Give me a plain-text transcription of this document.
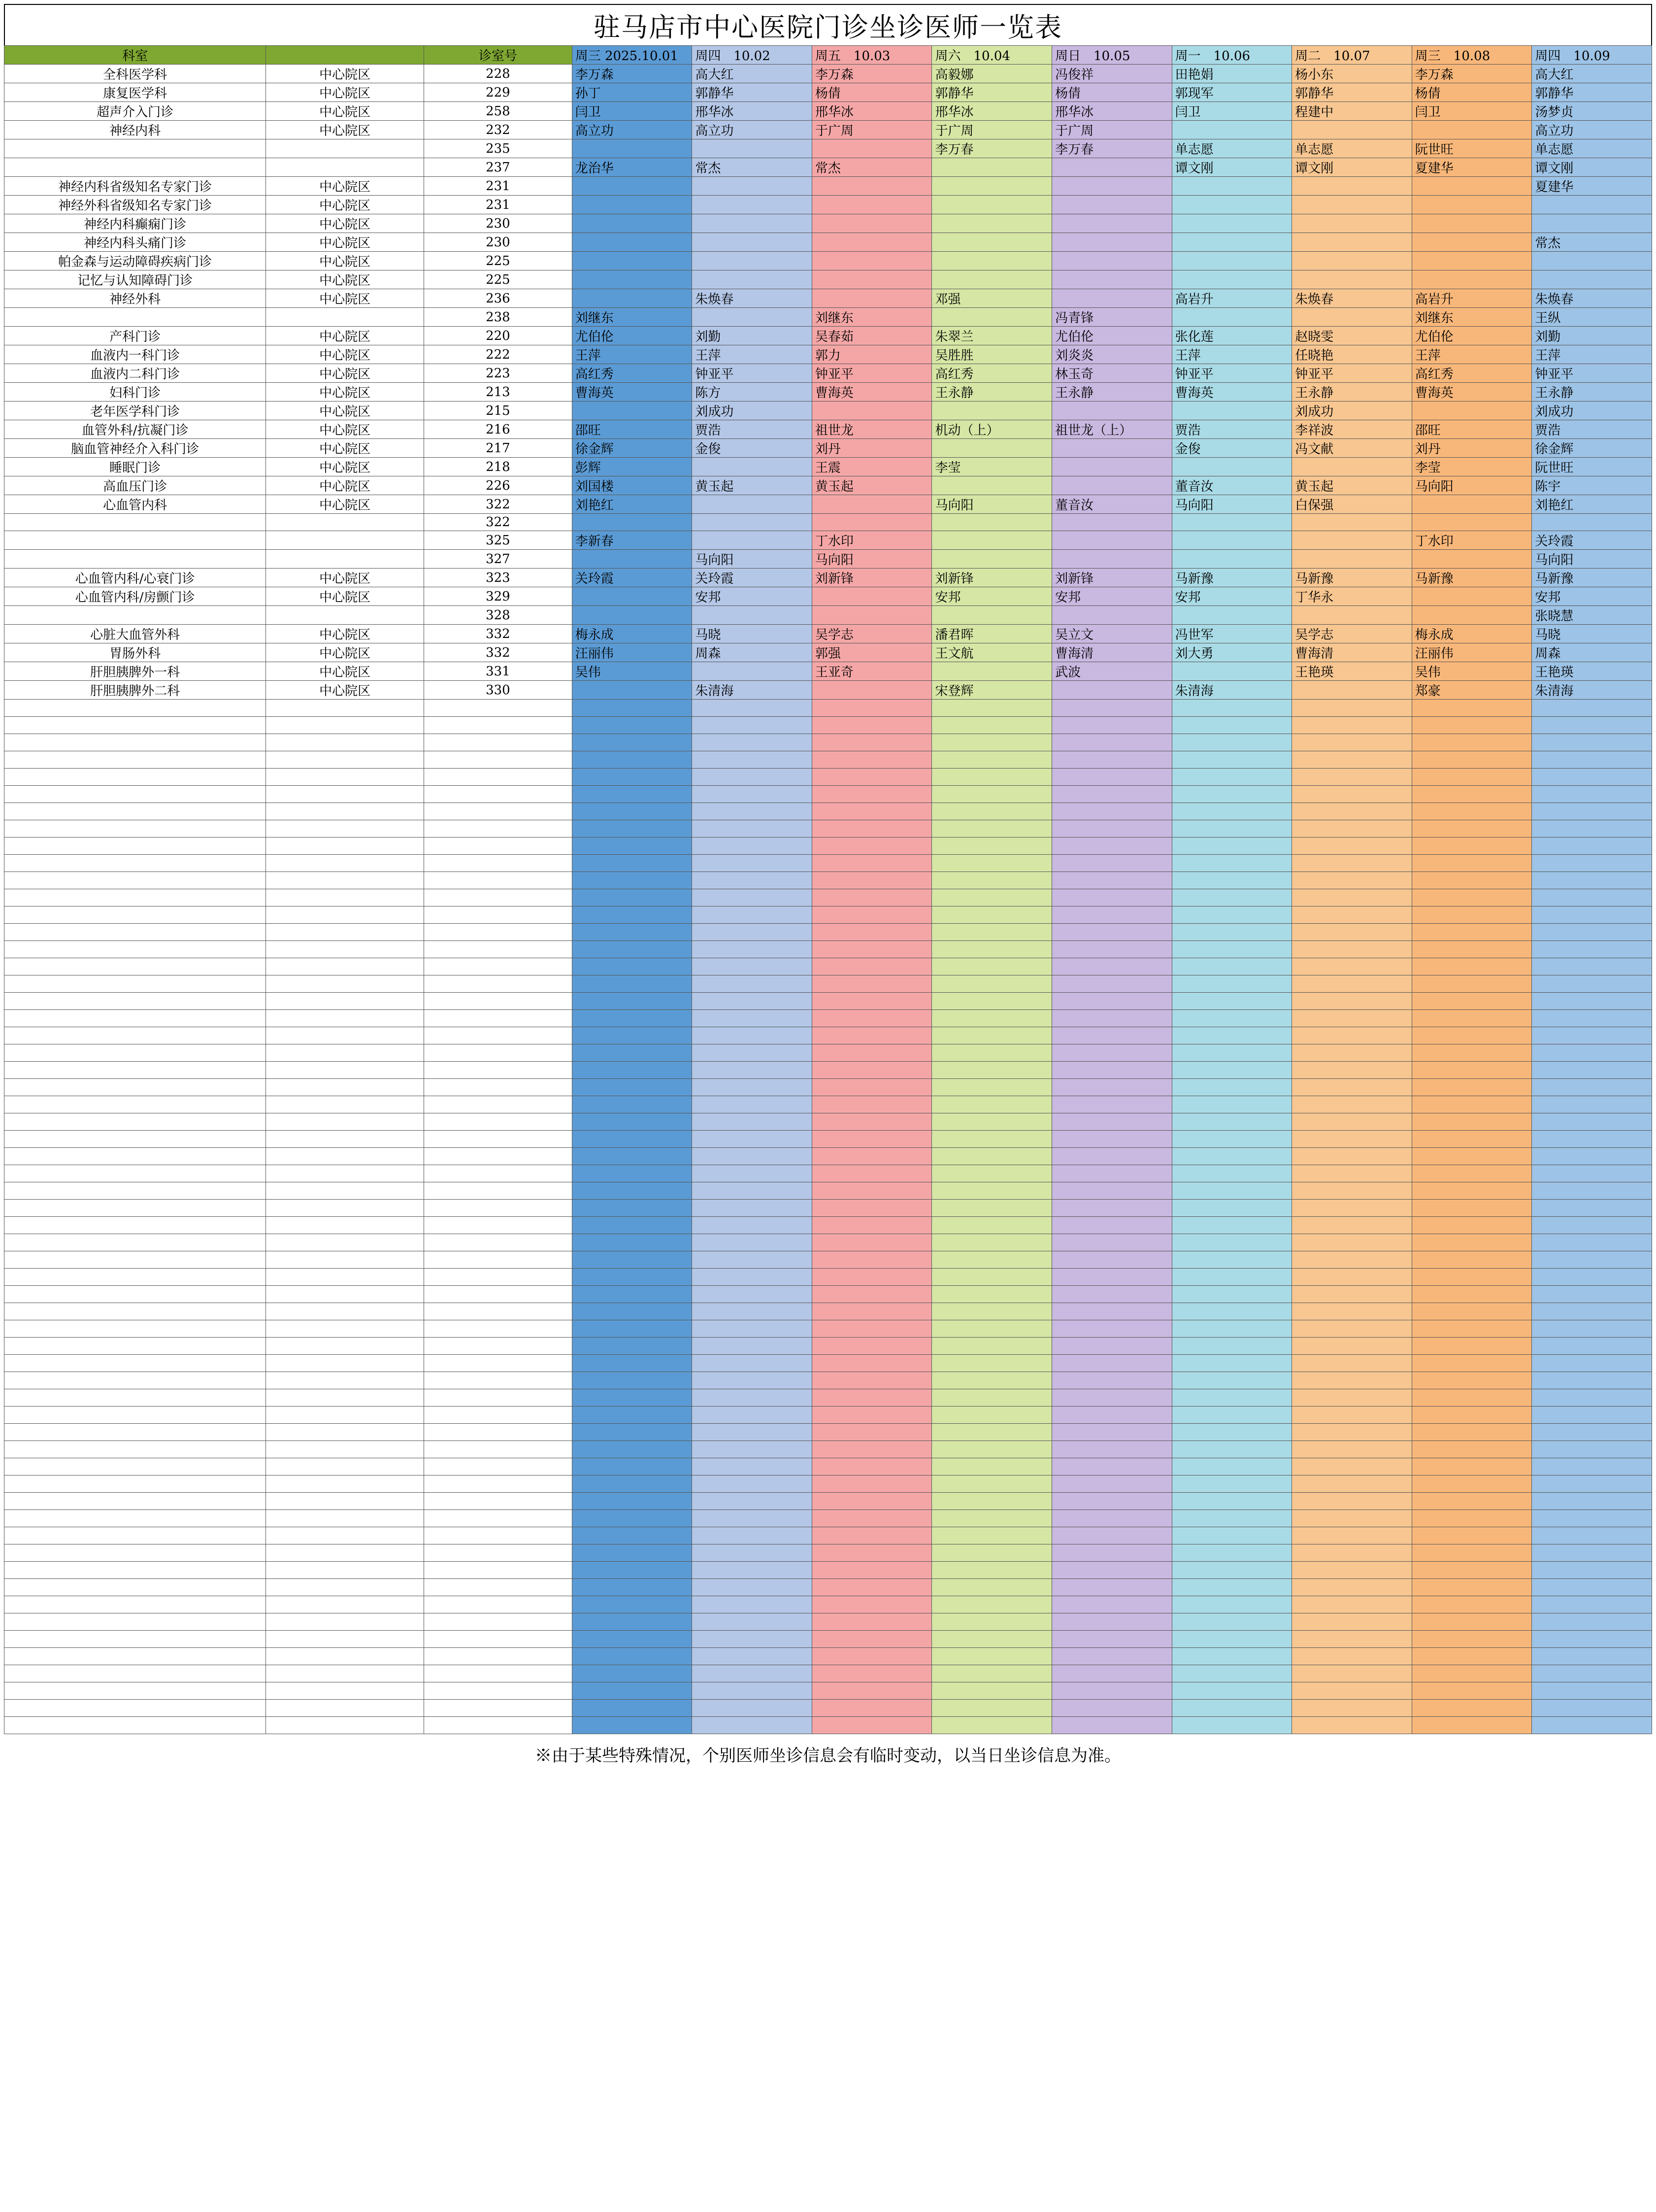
驻马店市中心医院门诊坐诊医师一览表
科室		诊室号	周三 2025.10.01	周四　10.02	周五　10.03	周六　10.04	周日　10.05	周一　10.06	周二　10.07	周三　10.08	周四　10.09
全科医学科	中心院区	228	李万森	高大红	李万森	高毅娜	冯俊祥	田艳娟	杨小东	李万森	高大红
康复医学科	中心院区	229	孙丁	郭静华	杨倩	郭静华	杨倩	郭现军	郭静华	杨倩	郭静华
超声介入门诊	中心院区	258	闫卫	邢华冰	邢华冰	邢华冰	邢华冰	闫卫	程建中	闫卫	汤梦贞
神经内科	中心院区	232	高立功	高立功	于广周	于广周	于广周				高立功
		235				李万春	李万春	单志愿	单志愿	阮世旺	单志愿
		237	龙治华	常杰	常杰			谭文刚	谭文刚	夏建华	谭文刚
神经内科省级知名专家门诊	中心院区	231									夏建华
神经外科省级知名专家门诊	中心院区	231									
神经内科癫痫门诊	中心院区	230									
神经内科头痛门诊	中心院区	230									常杰
帕金森与运动障碍疾病门诊	中心院区	225									
记忆与认知障碍门诊	中心院区	225									
神经外科	中心院区	236		朱焕春		邓强		高岩升	朱焕春	高岩升	朱焕春
		238	刘继东		刘继东		冯青锋			刘继东	王纵
产科门诊	中心院区	220	尤伯伦	刘勤	吴春茹	朱翠兰	尤伯伦	张化莲	赵晓雯	尤伯伦	刘勤
血液内一科门诊	中心院区	222	王萍	王萍	郭力	吴胜胜	刘炎炎	王萍	任晓艳	王萍	王萍
血液内二科门诊	中心院区	223	高红秀	钟亚平	钟亚平	高红秀	林玉奇	钟亚平	钟亚平	高红秀	钟亚平
妇科门诊	中心院区	213	曹海英	陈方	曹海英	王永静	王永静	曹海英	王永静	曹海英	王永静
老年医学科门诊	中心院区	215		刘成功					刘成功		刘成功
血管外科/抗凝门诊	中心院区	216	邵旺	贾浩	祖世龙	机动（上）	祖世龙（上）	贾浩	李祥波	邵旺	贾浩
脑血管神经介入科门诊	中心院区	217	徐金辉	金俊	刘丹			金俊	冯文献	刘丹	徐金辉
睡眠门诊	中心院区	218	彭辉		王震	李莹				李莹	阮世旺
高血压门诊	中心院区	226	刘国楼	黄玉起	黄玉起			董音汝	黄玉起	马向阳	陈宇
心血管内科	中心院区	322	刘艳红			马向阳	董音汝	马向阳	白保强		刘艳红
		322									
		325	李新春		丁水印					丁水印	关玲霞
		327		马向阳	马向阳						马向阳
心血管内科/心衰门诊	中心院区	323	关玲霞	关玲霞	刘新锋	刘新锋	刘新锋	马新豫	马新豫	马新豫	马新豫
心血管内科/房颤门诊	中心院区	329		安邦		安邦	安邦	安邦	丁华永		安邦
		328									张晓慧
心脏大血管外科	中心院区	332	梅永成	马晓	吴学志	潘君晖	吴立文	冯世军	吴学志	梅永成	马晓
胃肠外科	中心院区	332	汪丽伟	周森	郭强	王文航	曹海清	刘大勇	曹海清	汪丽伟	周森
肝胆胰脾外一科	中心院区	331	吴伟		王亚奇		武波		王艳瑛	吴伟	王艳瑛
肝胆胰脾外二科	中心院区	330		朱清海		宋登辉		朱清海		郑豪	朱清海

※由于某些特殊情况，个别医师坐诊信息会有临时变动，以当日坐诊信息为准。
